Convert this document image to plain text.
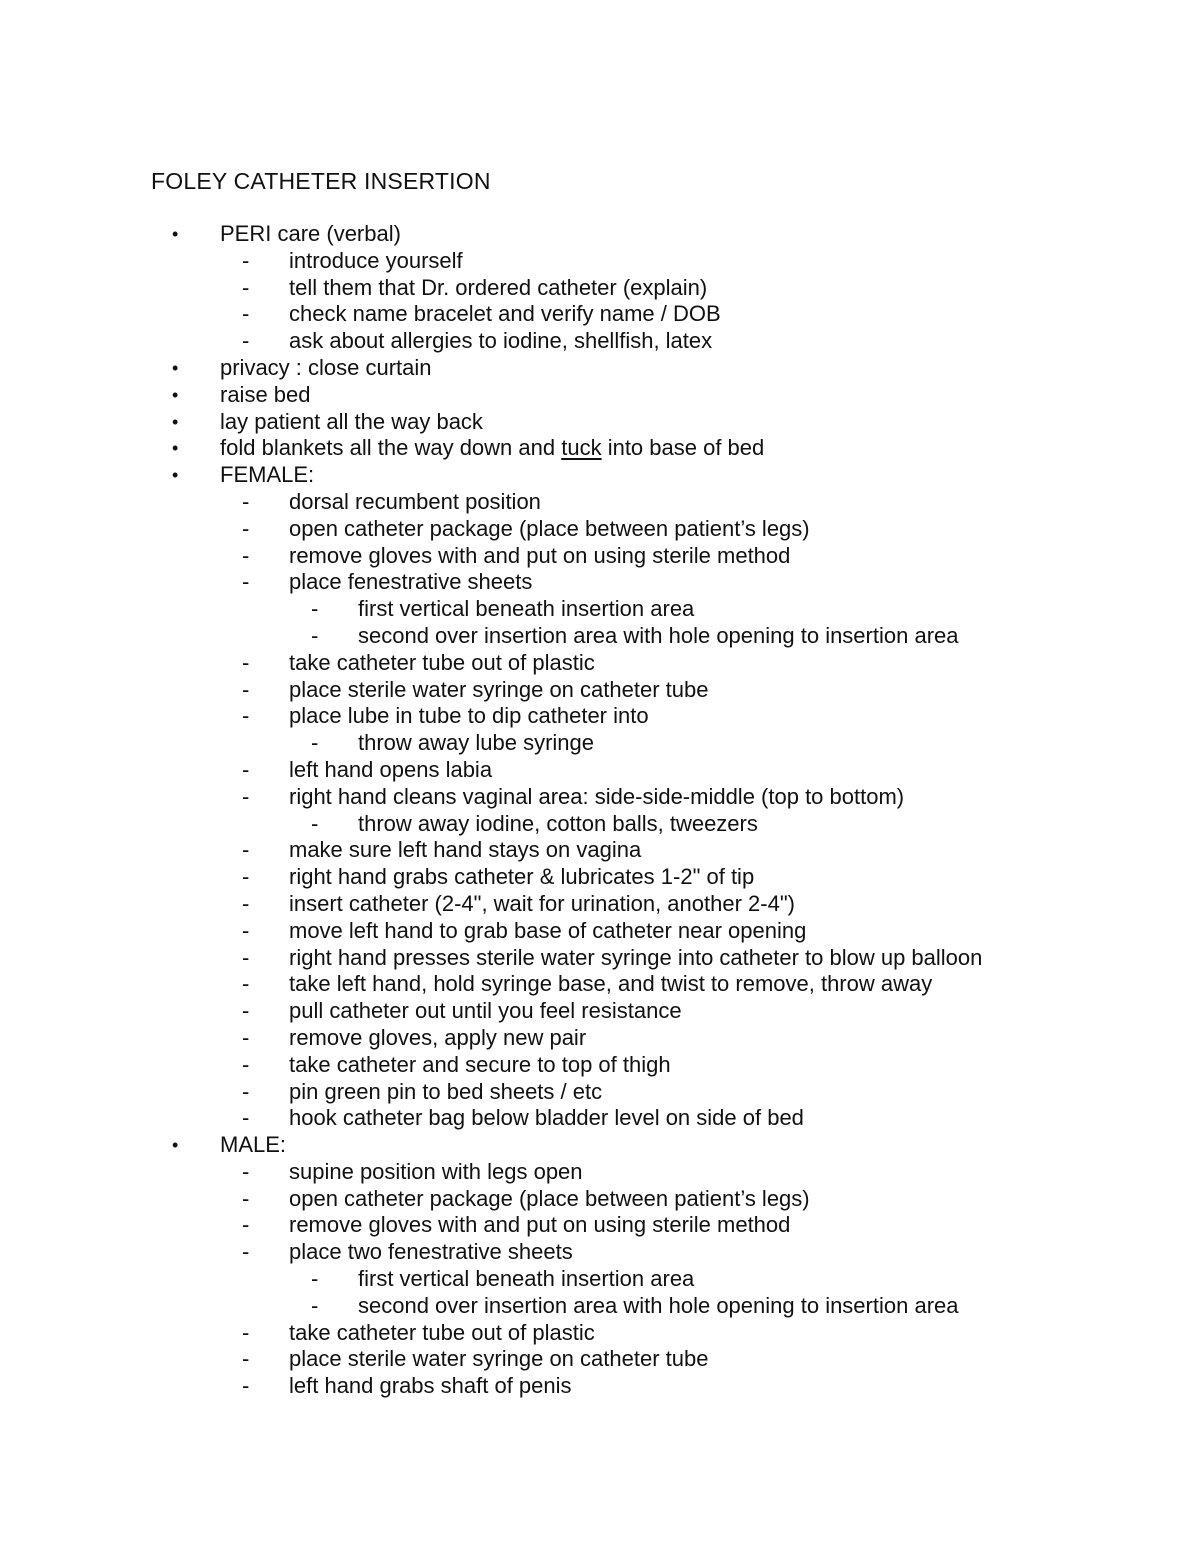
FOLEY CATHETER INSERTION
• PERI care (verbal)
- introduce yourself
- tell them that Dr. ordered catheter (explain)
- check name bracelet and verify name / DOB
- ask about allergies to iodine, shellfish, latex
• privacy : close curtain
• raise bed
• lay patient all the way back
• fold blankets all the way down and tuck into base of bed
• FEMALE:
- dorsal recumbent position
- open catheter package (place between patient’s legs)
- remove gloves with and put on using sterile method
- place fenestrative sheets
- first vertical beneath insertion area
- second over insertion area with hole opening to insertion area
- take catheter tube out of plastic
- place sterile water syringe on catheter tube
- place lube in tube to dip catheter into
- throw away lube syringe
- left hand opens labia
- right hand cleans vaginal area: side-side-middle (top to bottom)
- throw away iodine, cotton balls, tweezers
- make sure left hand stays on vagina
- right hand grabs catheter & lubricates 1-2" of tip
- insert catheter (2-4", wait for urination, another 2-4")
- move left hand to grab base of catheter near opening
- right hand presses sterile water syringe into catheter to blow up balloon
- take left hand, hold syringe base, and twist to remove, throw away
- pull catheter out until you feel resistance
- remove gloves, apply new pair
- take catheter and secure to top of thigh
- pin green pin to bed sheets / etc
- hook catheter bag below bladder level on side of bed
• MALE:
- supine position with legs open
- open catheter package (place between patient’s legs)
- remove gloves with and put on using sterile method
- place two fenestrative sheets
- first vertical beneath insertion area
- second over insertion area with hole opening to insertion area
- take catheter tube out of plastic
- place sterile water syringe on catheter tube
- left hand grabs shaft of penis
